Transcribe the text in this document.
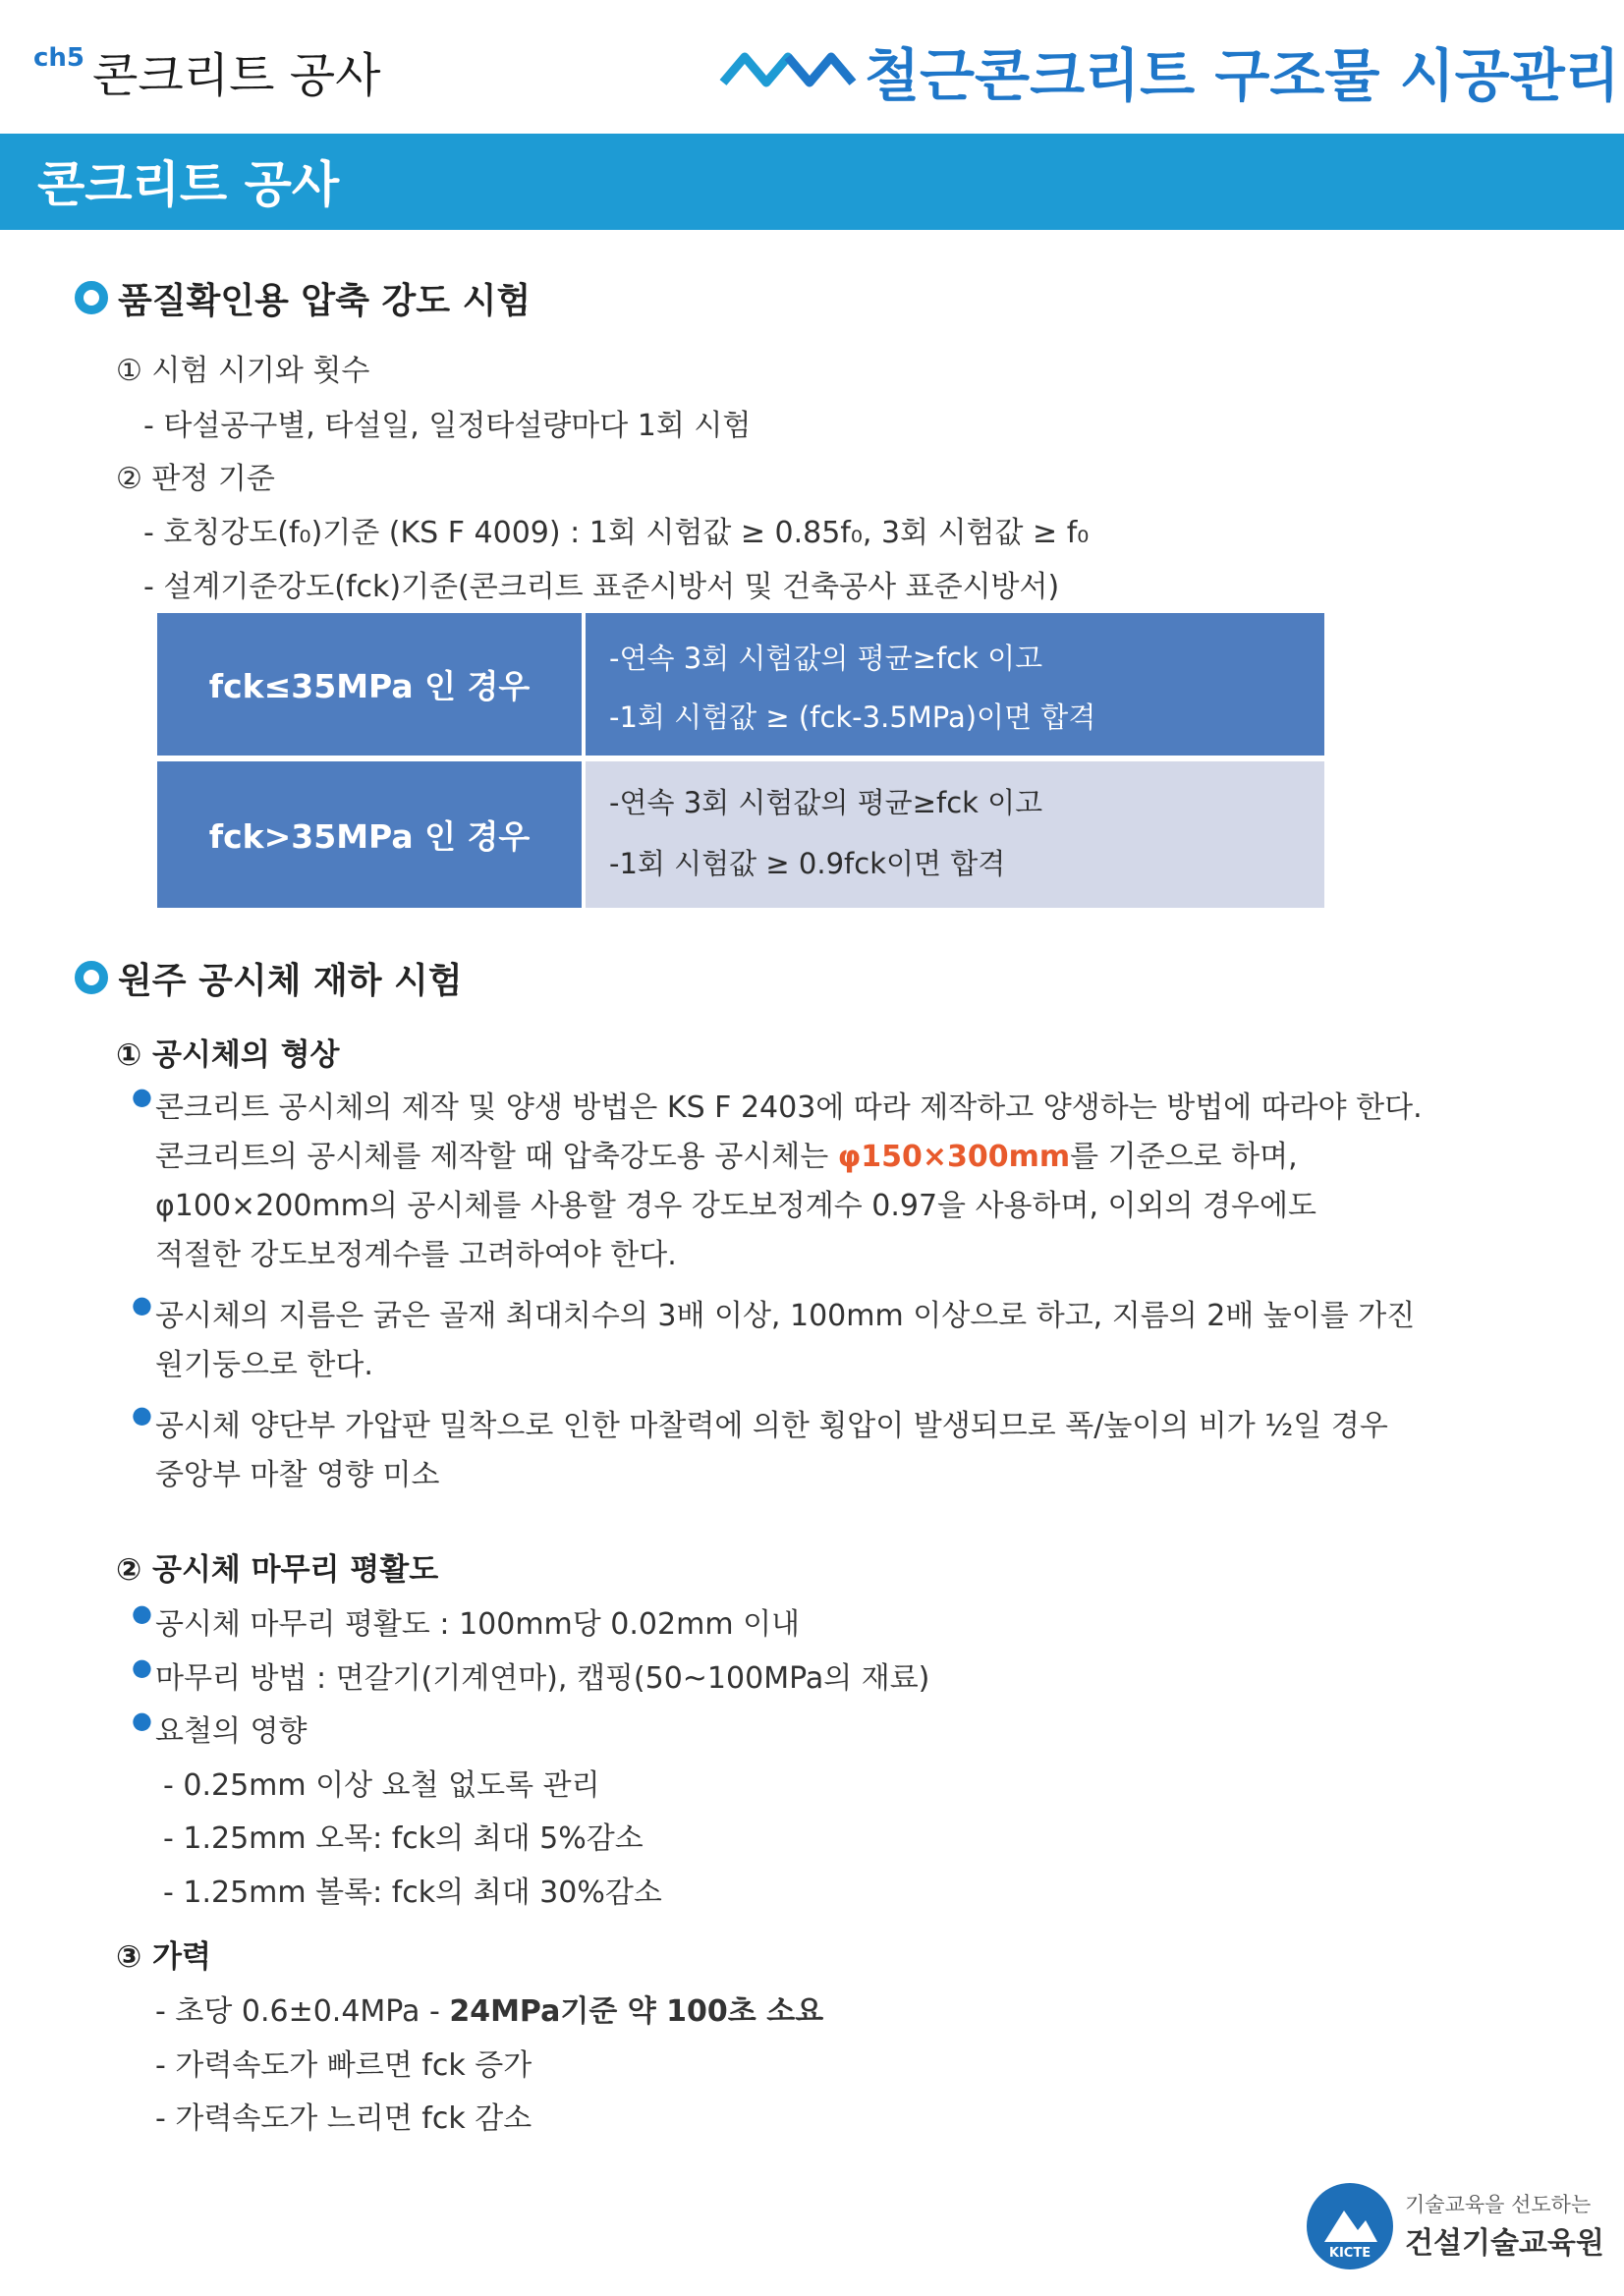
ch5 콘크리트 공사	철근콘크리트 구조물 시공관리
콘크리트 공사
품질확인용 압축 강도 시험
① 시험 시기와 횟수
- 타설공구별, 타설일, 일정타설량마다 1회 시험
② 판정 기준
- 호칭강도(f₀)기준 (KS F 4009) : 1회 시험값 ≥ 0.85f₀, 3회 시험값 ≥ f₀
- 설계기준강도(fck)기준(콘크리트 표준시방서 및 건축공사 표준시방서)
fck≤35MPa 인 경우
-연속 3회 시험값의 평균≥fck 이고
-1회 시험값 ≥ (fck-3.5MPa)이면 합격
fck>35MPa 인 경우
-연속 3회 시험값의 평균≥fck 이고
-1회 시험값 ≥ 0.9fck이면 합격
원주 공시체 재하 시험
① 공시체의 형상
● 콘크리트 공시체의 제작 및 양생 방법은 KS F 2403에 따라 제작하고 양생하는 방법에 따라야 한다.
콘크리트의 공시체를 제작할 때 압축강도용 공시체는 φ150×300mm를 기준으로 하며,
φ100×200mm의 공시체를 사용할 경우 강도보정계수 0.97을 사용하며, 이외의 경우에도
적절한 강도보정계수를 고려하여야 한다.
● 공시체의 지름은 굵은 골재 최대치수의 3배 이상, 100mm 이상으로 하고, 지름의 2배 높이를 가진
원기둥으로 한다.
● 공시체 양단부 가압판 밀착으로 인한 마찰력에 의한 횡압이 발생되므로 폭/높이의 비가 ½일 경우
중앙부 마찰 영향 미소
② 공시체 마무리 평활도
● 공시체 마무리 평활도 : 100mm당 0.02mm 이내
● 마무리 방법 : 면갈기(기계연마), 캡핑(50~100MPa의 재료)
● 요철의 영향
- 0.25mm 이상 요철 없도록 관리
- 1.25mm 오목: fck의 최대 5%감소
- 1.25mm 볼록: fck의 최대 30%감소
③ 가력
- 초당 0.6±0.4MPa - 24MPa기준 약 100초 소요
- 가력속도가 빠르면 fck 증가
- 가력속도가 느리면 fck 감소
KICTE
기술교육을 선도하는
건설기술교육원
